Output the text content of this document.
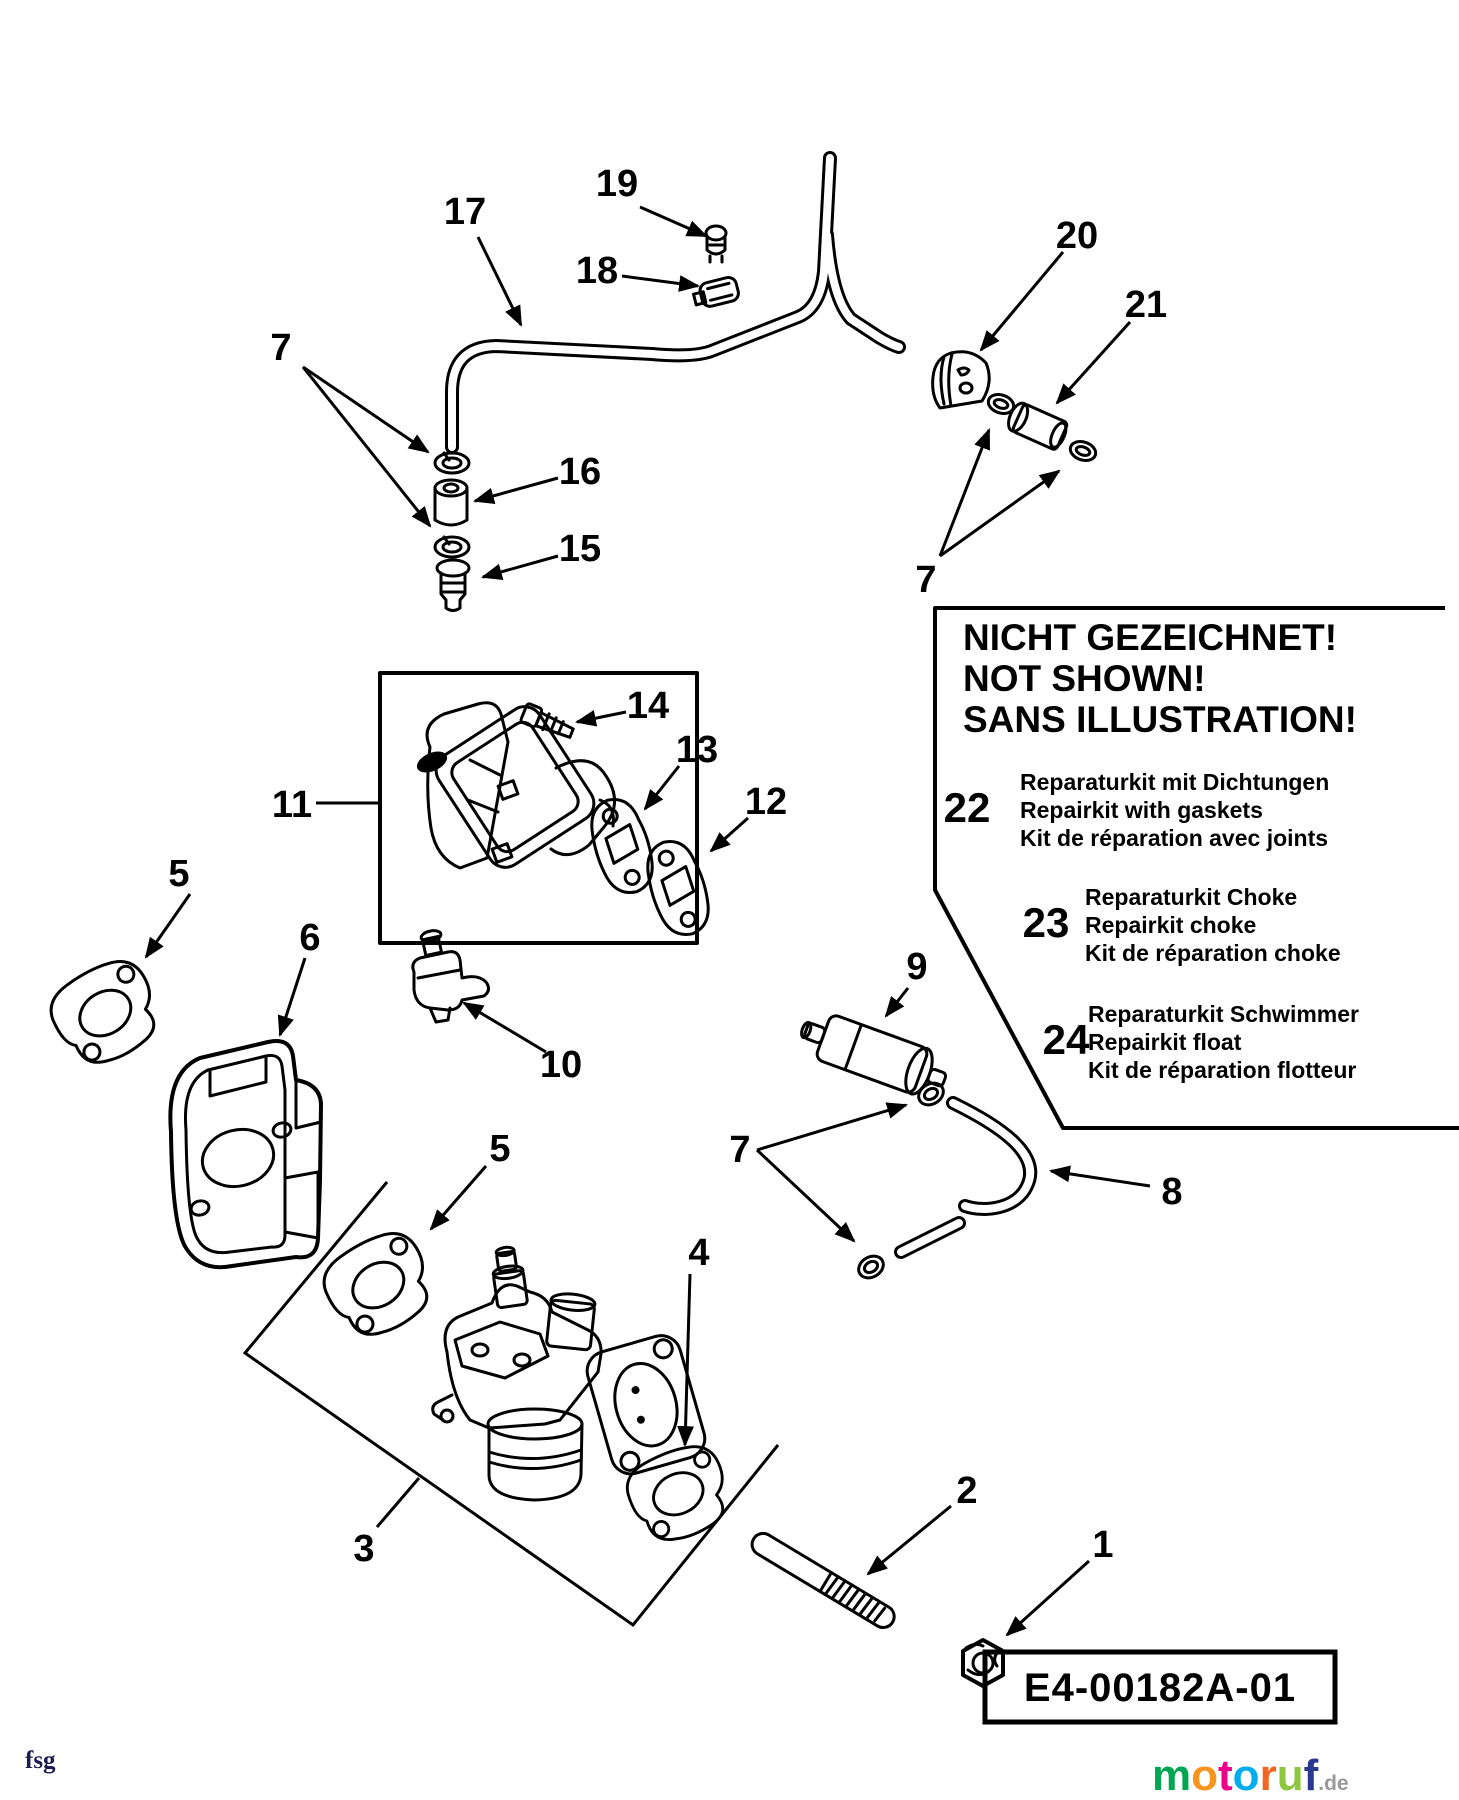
19
17
18
20
21
7
16
15
7
14
13
12
11
5
6
9
10
5	7
8
4
2
1
3
NICHT GEZEICHNET!
NOT SHOWN!
SANS ILLUSTRATION!
22
Reparaturkit mit Dichtungen
Repairkit with gaskets
Kit de réparation avec joints
23
Reparaturkit Choke
Repairkit choke
Kit de réparation choke
24
Reparaturkit Schwimmer
Repairkit float
Kit de réparation flotteur
E4-00182A-01
fsg	motoruf.de
